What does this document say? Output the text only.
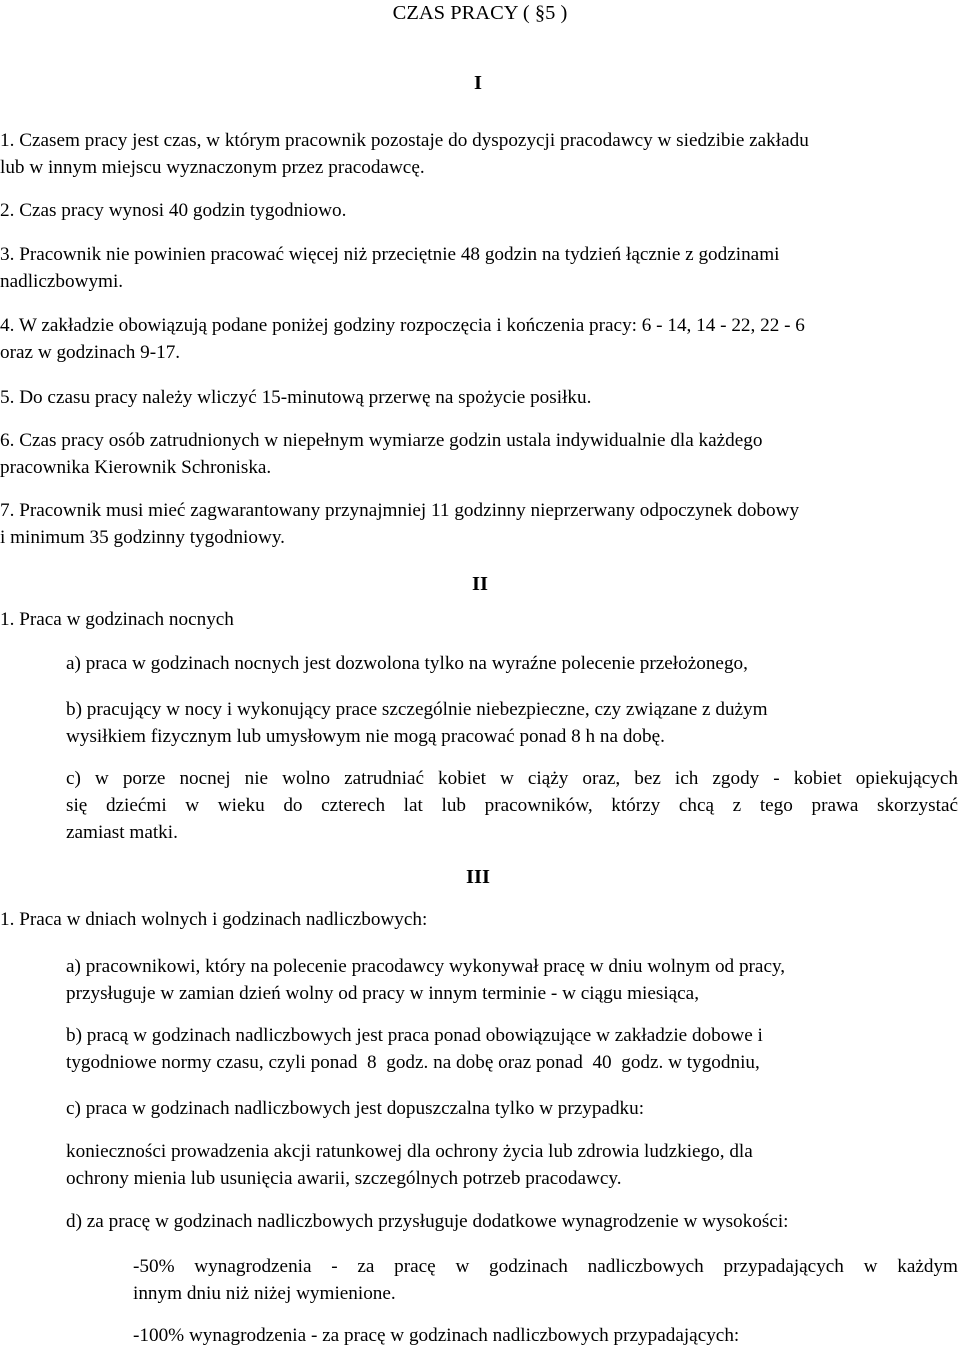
CZAS PRACY ( §5 )
I
1. Czasem pracy jest czas, w którym pracownik pozostaje do dyspozycji pracodawcy w siedzibie zakładu
lub w innym miejscu wyznaczonym przez pracodawcę.
2. Czas pracy wynosi 40 godzin tygodniowo.
3. Pracownik nie powinien pracować więcej niż przeciętnie 48 godzin na tydzień łącznie z godzinami
nadliczbowymi.
4. W zakładzie obowiązują podane poniżej godziny rozpoczęcia i kończenia pracy: 6 - 14, 14 - 22, 22 - 6
oraz w godzinach 9-17.
5. Do czasu pracy należy wliczyć 15-minutową przerwę na spożycie posiłku.
6. Czas pracy osób zatrudnionych w niepełnym wymiarze godzin ustala indywidualnie dla każdego
pracownika Kierownik Schroniska.
7. Pracownik musi mieć zagwarantowany przynajmniej 11 godzinny nieprzerwany odpoczynek dobowy
i minimum 35 godzinny tygodniowy.
II
1. Praca w godzinach nocnych
a) praca w godzinach nocnych jest dozwolona tylko na wyraźne polecenie przełożonego,
b) pracujący w nocy i wykonujący prace szczególnie niebezpieczne, czy związane z dużym
wysiłkiem fizycznym lub umysłowym nie mogą pracować ponad 8 h na dobę.
c) w porze nocnej nie wolno zatrudniać kobiet w ciąży oraz, bez ich zgody - kobiet opiekujących
się dziećmi w wieku do czterech lat lub pracowników, którzy chcą z tego prawa skorzystać
zamiast matki.
III
1. Praca w dniach wolnych i godzinach nadliczbowych:
a) pracownikowi, który na polecenie pracodawcy wykonywał pracę w dniu wolnym od pracy,
przysługuje w zamian dzień wolny od pracy w innym terminie - w ciągu miesiąca,
b) pracą w godzinach nadliczbowych jest praca ponad obowiązujące w zakładzie dobowe i
tygodniowe normy czasu, czyli ponad  8  godz. na dobę oraz ponad  40  godz. w tygodniu,
c) praca w godzinach nadliczbowych jest dopuszczalna tylko w przypadku:
konieczności prowadzenia akcji ratunkowej dla ochrony życia lub zdrowia ludzkiego, dla
ochrony mienia lub usunięcia awarii, szczególnych potrzeb pracodawcy.
d) za pracę w godzinach nadliczbowych przysługuje dodatkowe wynagrodzenie w wysokości:
-50% wynagrodzenia - za pracę w godzinach nadliczbowych przypadających w każdym
innym dniu niż niżej wymienione.
-100% wynagrodzenia - za pracę w godzinach nadliczbowych przypadających:
